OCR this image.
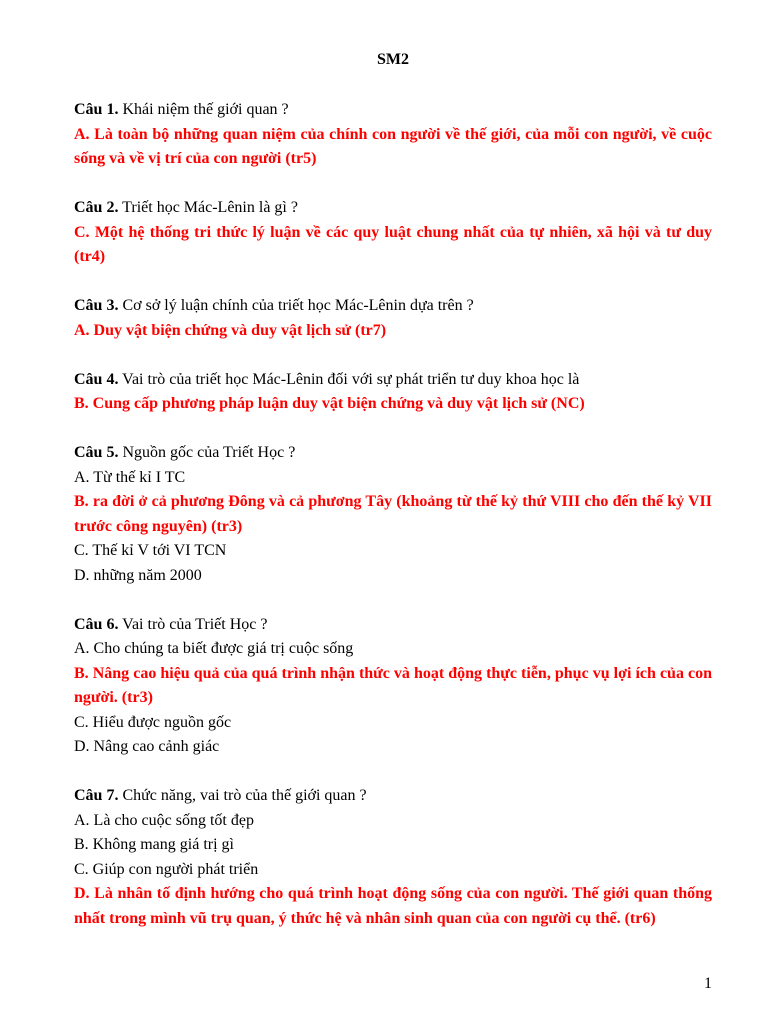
SM2

Câu 1. Khái niệm thế giới quan ?

A. Là toàn bộ những quan niệm của chính con người về thế giới, của mỗi con người, về cuộc sống và về vị trí của con người (tr5)

Câu 2. Triết học Mác-Lênin là gì ?

C. Một hệ thống tri thức lý luận về các quy luật chung nhất của tự nhiên, xã hội và tư duy (tr4)

Câu 3. Cơ sở lý luận chính của triết học Mác-Lênin dựa trên ?

A. Duy vật biện chứng và duy vật lịch sử (tr7)

Câu 4. Vai trò của triết học Mác-Lênin đối với sự phát triển tư duy khoa học là

B. Cung cấp phương pháp luận duy vật biện chứng và duy vật lịch sử (NC)

Câu 5. Nguồn gốc của Triết Học ?

A. Từ thế kỉ I TC

B. ra đời ở cả phương Đông và cả phương Tây (khoảng từ thế kỷ thứ VIII cho đến thế kỷ VII trước công nguyên) (tr3)

C. Thế kỉ V tới VI TCN

D. những năm 2000

Câu 6. Vai trò của Triết Học ?

A. Cho chúng ta biết được giá trị cuộc sống

B. Nâng cao hiệu quả của quá trình nhận thức và hoạt động thực tiễn, phục vụ lợi ích của con người. (tr3)

C. Hiểu được nguồn gốc

D. Nâng cao cảnh giác

Câu 7. Chức năng, vai trò của thế giới quan ?

A. Là cho cuộc sống tốt đẹp

B. Không mang giá trị gì

C. Giúp con người phát triển

D. Là nhân tố định hướng cho quá trình hoạt động sống của con người. Thế giới quan thống nhất trong mình vũ trụ quan, ý thức hệ và nhân sinh quan của con người cụ thể. (tr6)

1
